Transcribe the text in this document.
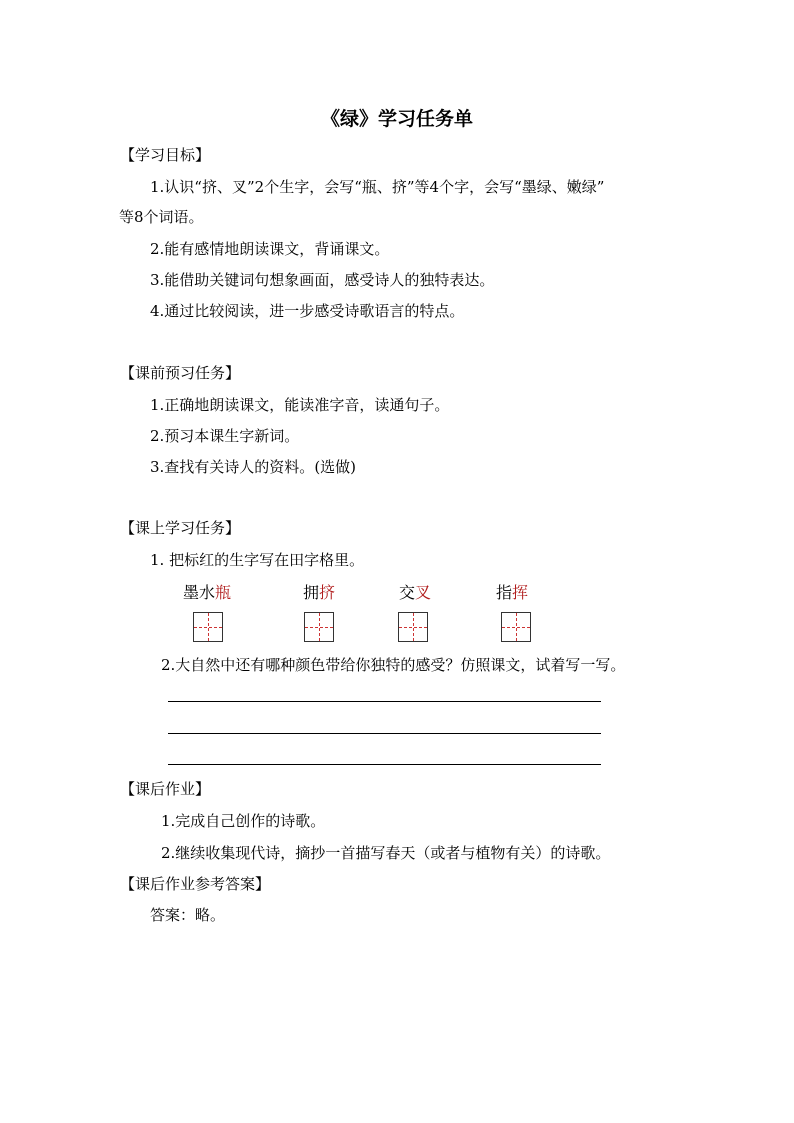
《绿》学习任务单
【学习目标】
1.认识“挤、叉”2个生字，会写“瓶、挤”等4个字，会写“墨绿、嫩绿”
等8个词语。
2.能有感情地朗读课文，背诵课文。
3.能借助关键词句想象画面，感受诗人的独特表达。
4.通过比较阅读，进一步感受诗歌语言的特点。
【课前预习任务】
1.正确地朗读课文，能读准字音，读通句子。
2.预习本课生字新词。
3.查找有关诗人的资料。(选做)
【课上学习任务】
1. 把标红的生字写在田字格里。
墨水瓶	拥挤	交叉	指挥
2.大自然中还有哪种颜色带给你独特的感受？仿照课文，试着写一写。
【课后作业】
1.完成自己创作的诗歌。
2.继续收集现代诗，摘抄一首描写春天（或者与植物有关）的诗歌。
【课后作业参考答案】
答案：略。
